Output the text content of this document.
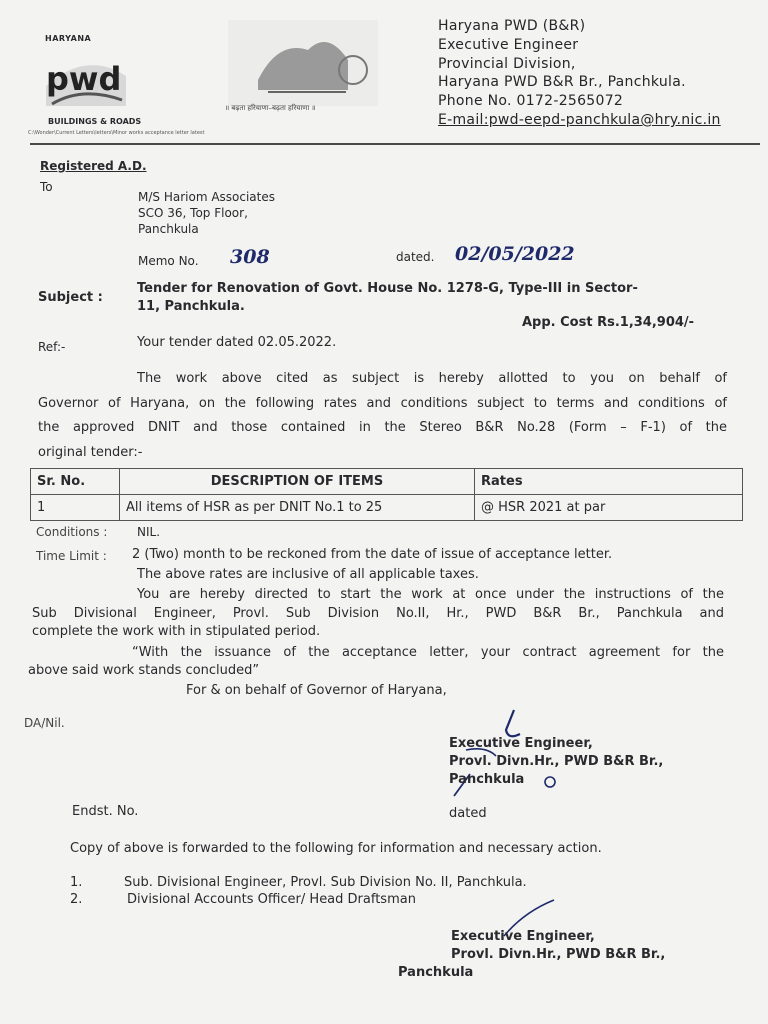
HARYANA
pwd
BUILDINGS & ROADS
C:\Wonder\Current Letters\letters\Minor works acceptance letter latest
॥ बढ़ता हरियाणा–बढ़ता हरियाणा ॥
Haryana PWD (B&R)
Executive Engineer
Provincial Division,
Haryana PWD B&R Br., Panchkula.
Phone No. 0172-2565072
E-mail:pwd-eepd-panchkula@hry.nic.in
Registered A.D.
To
M/S Hariom Associates
SCO 36, Top Floor,
Panchkula
Memo No. 308	dated. 02/05/2022
Subject :
Tender for Renovation of Govt. House No. 1278-G, Type-III in Sector-
11, Panchkula.
App. Cost Rs.1,34,904/-
Ref:-	Your tender dated 02.05.2022.
The work above cited as subject is hereby allotted to you on behalf of
Governor of Haryana, on the following rates and conditions subject to terms and conditions of
the approved DNIT and those contained in the Stereo B&R No.28 (Form – F-1) of the
original tender:-
Sr. No.	DESCRIPTION OF ITEMS	Rates
1	All items of HSR as per DNIT No.1 to 25	@ HSR 2021 at par
Conditions : NIL.
Time Limit : 2 (Two) month to be reckoned from the date of issue of acceptance letter.
The above rates are inclusive of all applicable taxes.
You are hereby directed to start the work at once under the instructions of the
Sub Divisional Engineer, Provl. Sub Division No.II, Hr., PWD B&R Br., Panchkula and
complete the work with in stipulated period.
“With the issuance of the acceptance letter, your contract agreement for the
above said work stands concluded”
For & on behalf of Governor of Haryana,
DA/Nil.
Executive Engineer,
Provl. Divn.Hr., PWD B&R Br.,
Panchkula
Endst. No.	dated
Copy of above is forwarded to the following for information and necessary action.
1.	Sub. Divisional Engineer, Provl. Sub Division No. II, Panchkula.
2.	Divisional Accounts Officer/ Head Draftsman
Executive Engineer,
Provl. Divn.Hr., PWD B&R Br.,
Panchkula
